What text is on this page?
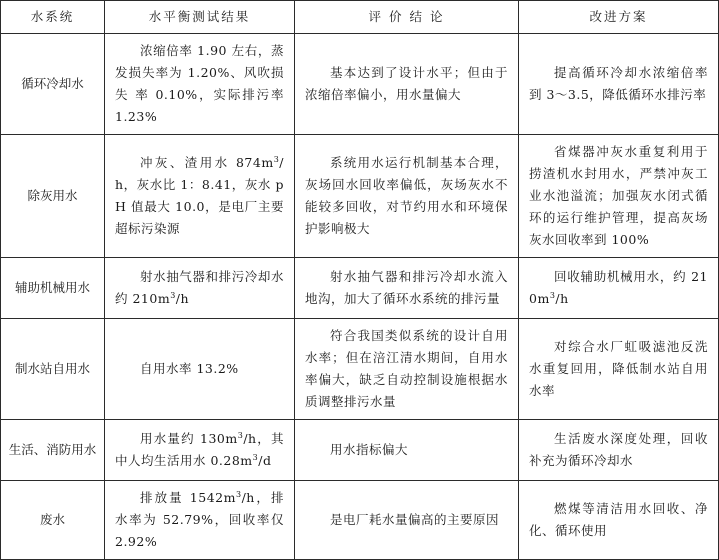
水系统	水平衡测试结果	评 价 结 论	改进方案
循环冷却水	浓缩倍率 1.90 左右，蒸发损失率为 1.20%、风吹损失 率 0.10%，实际排污率 1.23%	基本达到了设计水平；但由于浓缩倍率偏小，用水量偏大	提高循环冷却水浓缩倍率到 3～3.5，降低循环水排污率
除灰用水	冲灰、渣用水 $874m^3/h$，灰水比 1：8.41，灰水 pH 值最大 10.0，是电厂主要超标污染源	系统用水运行机制基本合理，灰场回水回收率偏低，灰场灰水不能较多回收，对节约用水和环境保护影响极大	省煤器冲灰水重复利用于捞渣机水封用水，严禁冲灰工业水池溢流；加强灰水闭式循环的运行维护管理，提高灰场灰水回收率到 100%
辅助机械用水	射水抽气器和排污冷却水约 $210m^3/h$	射水抽气器和排污冷却水流入地沟，加大了循环水系统的排污量	回收辅助机械用水，约 $210m^3/h$
制水站自用水	自用水率 13.2%	符合我国类似系统的设计自用水率；但在涪江清水期间，自用水率偏大，缺乏自动控制设施根据水质调整排污水量	对综合水厂虹吸滤池反洗水重复回用，降低制水站自用水率
生活、消防用水	用水量约 $130m^3/h$，其中人均生活用水 $0.28m^3/d$	用水指标偏大	生活废水深度处理，回收补充为循环冷却水
废水	排放量 $1542m^3/h$，排水率为 52.79%，回收率仅 2.92%	是电厂耗水量偏高的主要原因	燃煤等清洁用水回收、净化、循环使用
